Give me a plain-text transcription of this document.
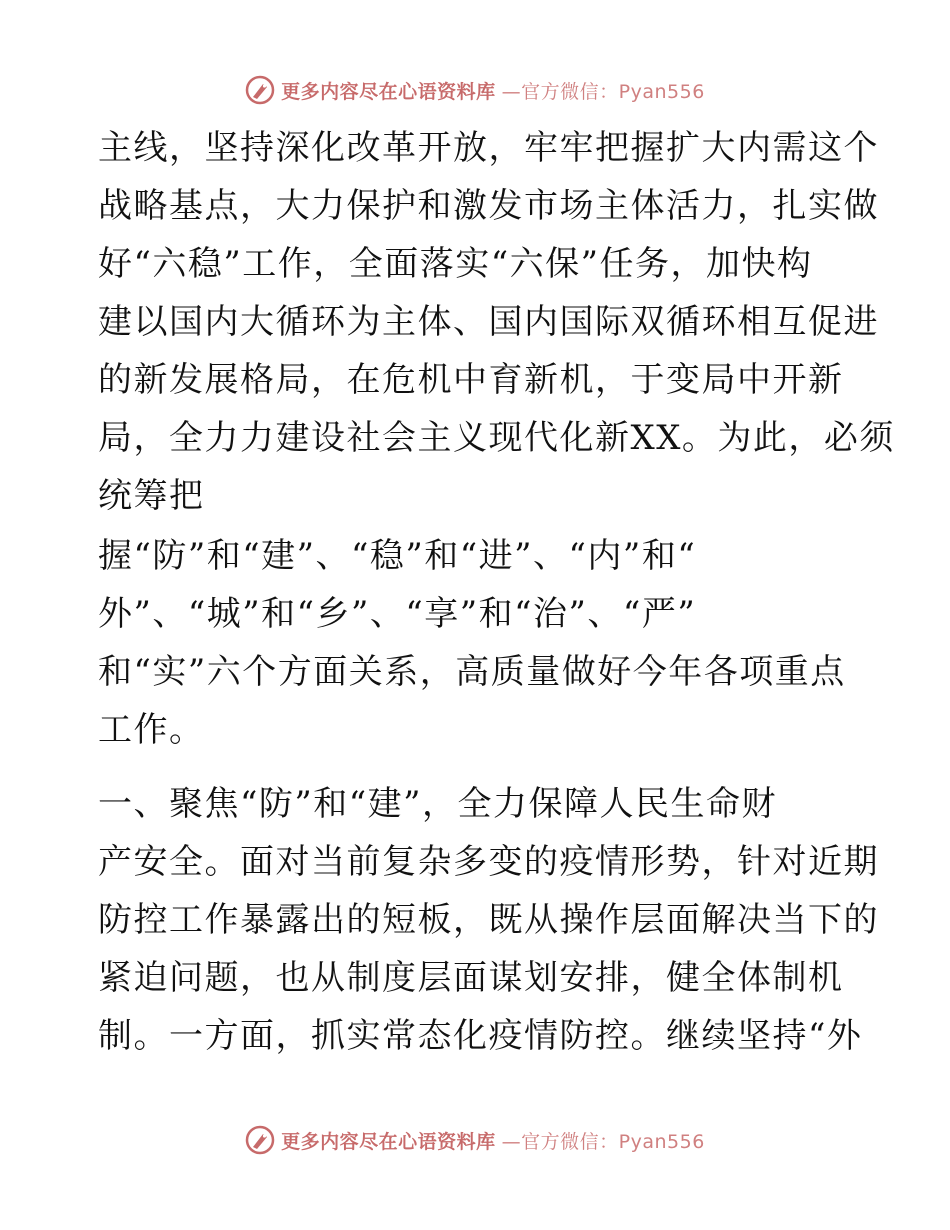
更多内容尽在心语资料库 —官方微信：Pyan556
主线，坚持深化改革开放，牢牢把握扩大内需这个
战略基点，大力保护和激发市场主体活力，扎实做
好“六稳”工作，全面落实“六保”任务，加快构
建以国内大循环为主体、国内国际双循环相互促进
的新发展格局，在危机中育新机，于变局中开新
局，全力力建设社会主义现代化新XX。为此，必须
统筹把
握“防”和“建”、“稳”和“进”、“内”和“
外”、“城”和“乡”、“享”和“治”、“严”
和“实”六个方面关系，高质量做好今年各项重点
工作。
一、聚焦“防”和“建”，全力保障人民生命财
产安全。面对当前复杂多变的疫情形势，针对近期
防控工作暴露出的短板，既从操作层面解决当下的
紧迫问题，也从制度层面谋划安排，健全体制机
制。一方面，抓实常态化疫情防控。继续坚持“外
更多内容尽在心语资料库 —官方微信：Pyan556
